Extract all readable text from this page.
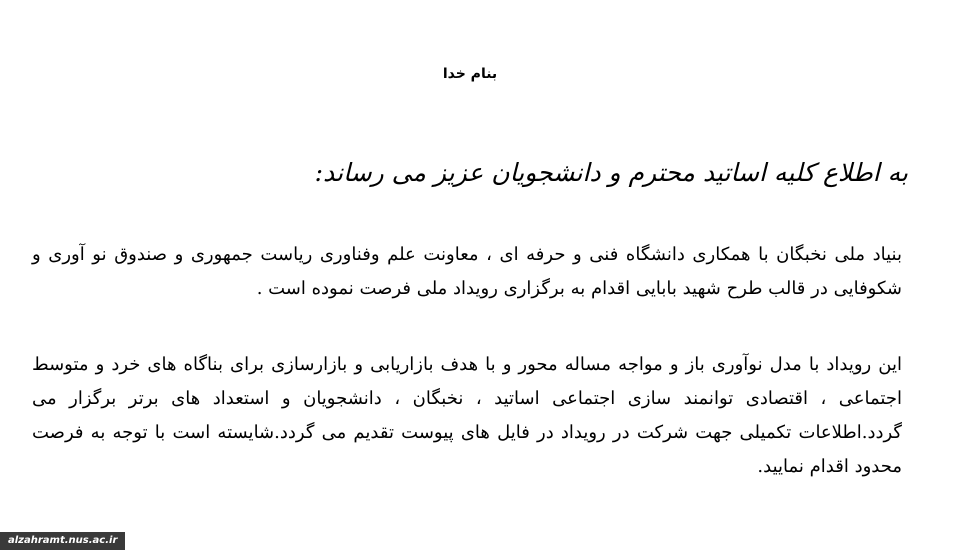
بنام خدا
به اطلاع کلیه اساتید محترم و دانشجویان عزیز می رساند:
بنیاد ملی نخبگان با همکاری دانشگاه فنی و حرفه ای ، معاونت علم وفناوری ریاست جمهوری و صندوق نو آوری و شکوفایی در قالب طرح شهید بابایی اقدام به برگزاری رویداد ملی فرصت نموده است .
این رویداد با مدل نوآوری باز و مواجه مساله محور و با هدف بازاریابی و بازارسازی برای بناگاه های خرد و متوسط اجتماعی ، اقتصادی توانمند سازی اجتماعی اساتید ، نخبگان ، دانشجویان و استعداد های برتر برگزار می گردد.اطلاعات تکمیلی جهت شرکت در رویداد در فایل های پیوست تقدیم می گردد.شایسته است با توجه به فرصت محدود اقدام نمایید.
alzahramt.nus.ac.ir
